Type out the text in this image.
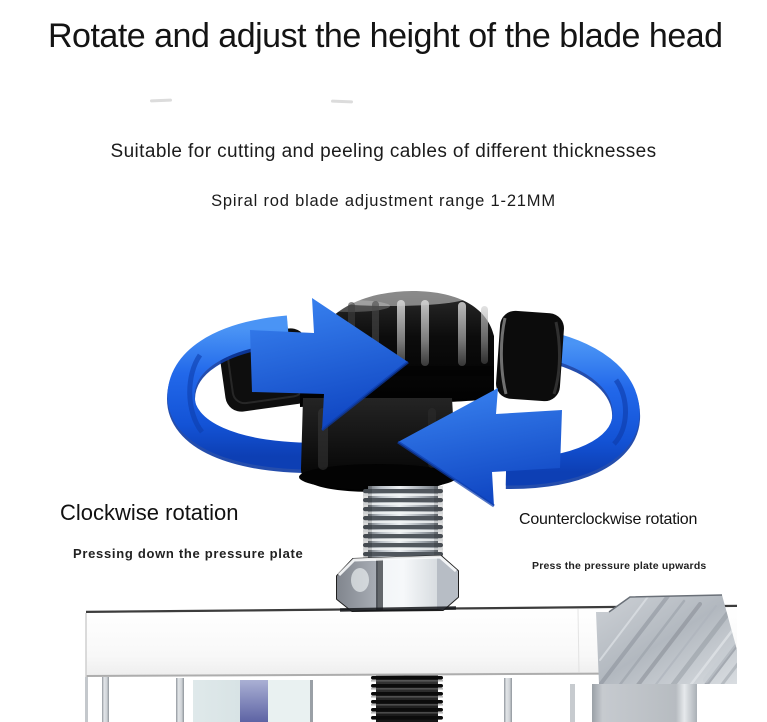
Rotate and adjust the height of the blade head
Suitable for cutting and peeling cables of different thicknesses
Spiral rod blade adjustment range 1-21MM
Clockwise rotation
Pressing down the pressure plate
Counterclockwise rotation
Press the pressure plate upwards
